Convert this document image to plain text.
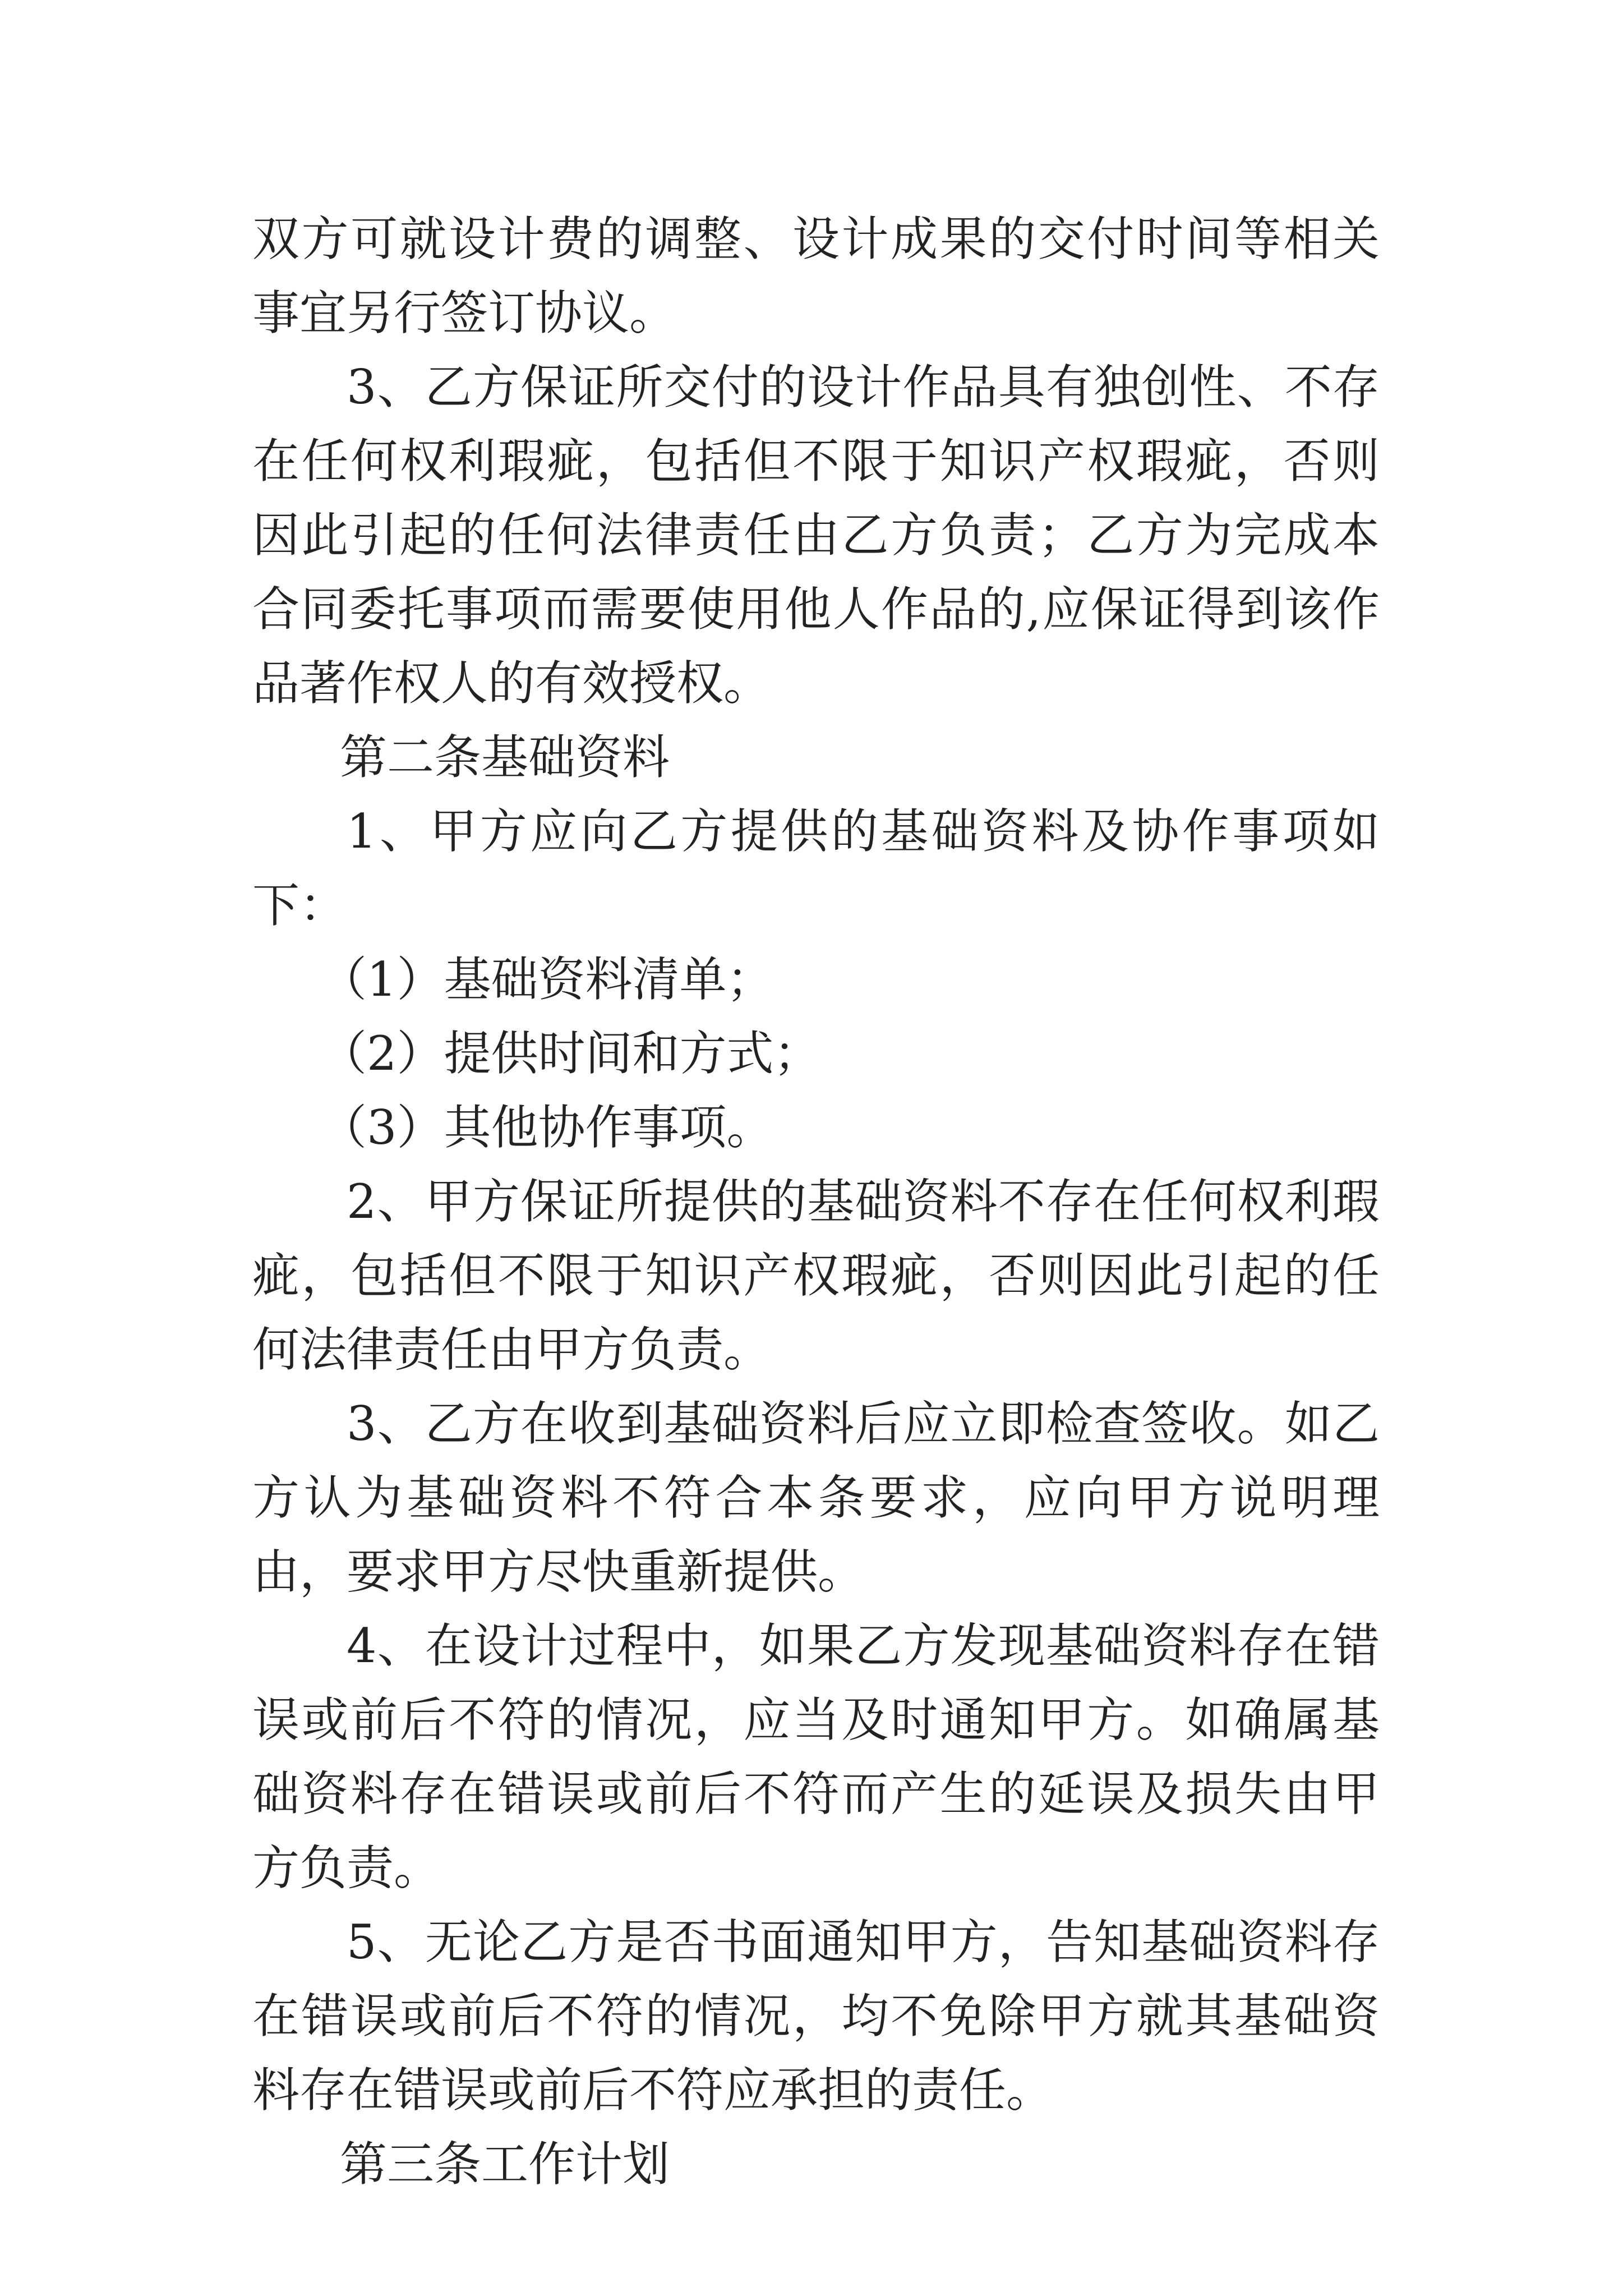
双方可就设计费的调整、设计成果的交付时间等相关事宜另行签订协议。

3、乙方保证所交付的设计作品具有独创性、不存在任何权利瑕疵，包括但不限于知识产权瑕疵，否则因此引起的任何法律责任由乙方负责；乙方为完成本合同委托事项而需要使用他人作品的,应保证得到该作品著作权人的有效授权。

第二条基础资料

1、甲方应向乙方提供的基础资料及协作事项如下：

（1）基础资料清单；

（2）提供时间和方式；

（3）其他协作事项。

2、甲方保证所提供的基础资料不存在任何权利瑕疵，包括但不限于知识产权瑕疵，否则因此引起的任何法律责任由甲方负责。

3、乙方在收到基础资料后应立即检查签收。如乙方认为基础资料不符合本条要求，应向甲方说明理由，要求甲方尽快重新提供。

4、在设计过程中，如果乙方发现基础资料存在错误或前后不符的情况，应当及时通知甲方。如确属基础资料存在错误或前后不符而产生的延误及损失由甲方负责。

5、无论乙方是否书面通知甲方，告知基础资料存在错误或前后不符的情况，均不免除甲方就其基础资料存在错误或前后不符应承担的责任。

第三条工作计划
